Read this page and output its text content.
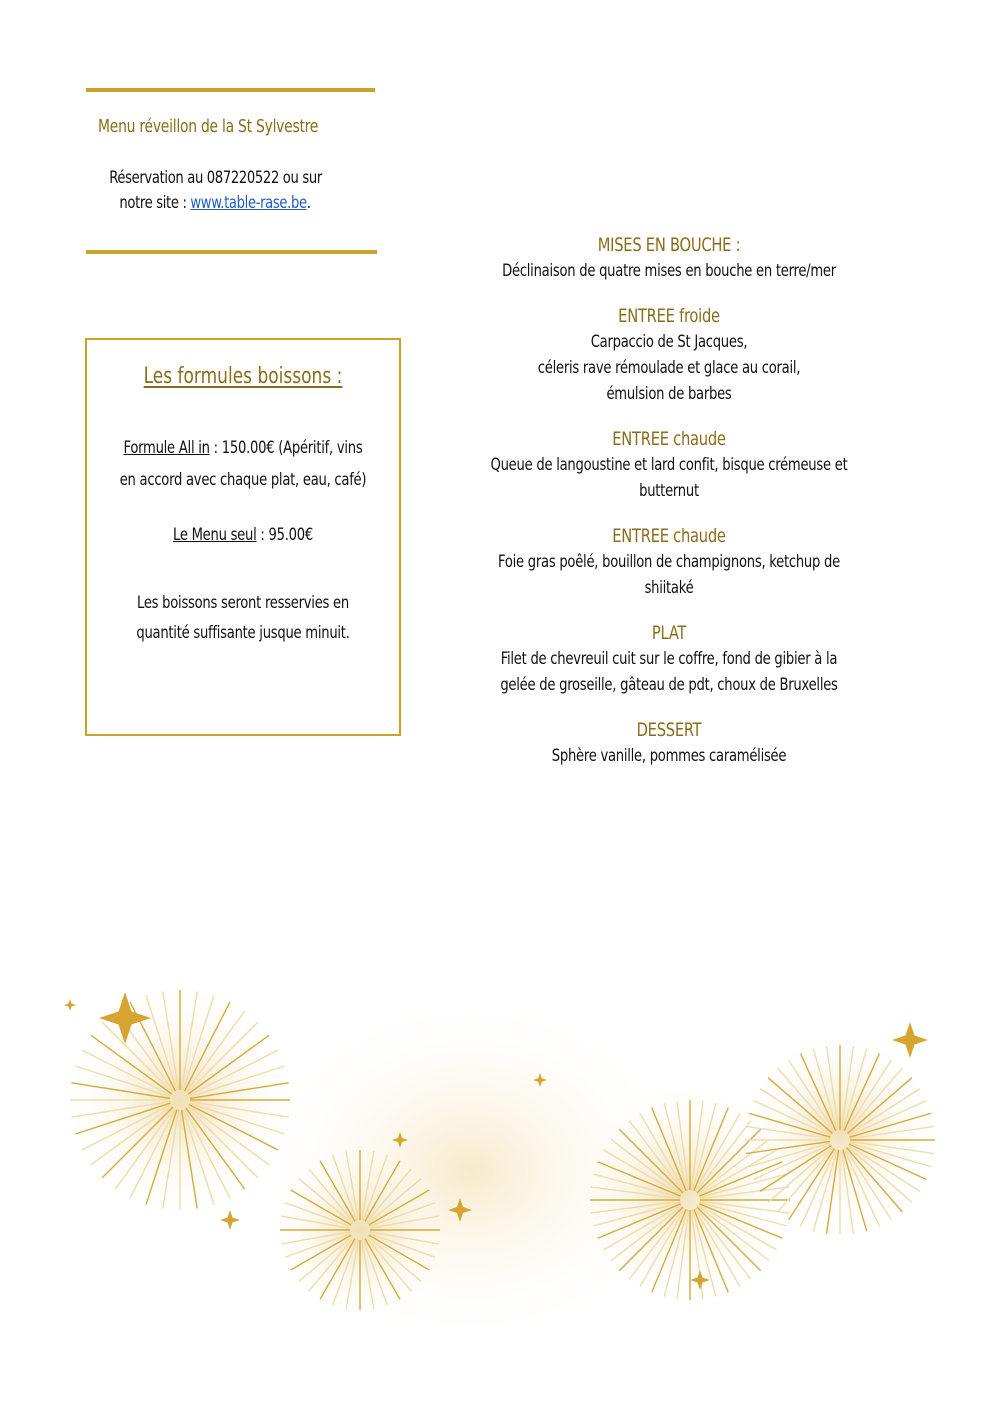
Menu réveillon de la St Sylvestre
Réservation au 087220522 ou sur
notre site : www.table-rase.be.
Les formules boissons :
Formule All in : 150.00€ (Apéritif, vins
en accord avec chaque plat, eau, café)
Le Menu seul : 95.00€
Les boissons seront resservies en
quantité suffisante jusque minuit.
MISES EN BOUCHE :
Déclinaison de quatre mises en bouche en terre/mer
ENTREE froide
Carpaccio de St Jacques,
céleris rave rémoulade et glace au corail,
émulsion de barbes
ENTREE chaude
Queue de langoustine et lard confit, bisque crémeuse et
butternut
ENTREE chaude
Foie gras poêlé, bouillon de champignons, ketchup de
shiitaké
PLAT
Filet de chevreuil cuit sur le coffre, fond de gibier à la
gelée de groseille, gâteau de pdt, choux de Bruxelles
DESSERT
Sphère vanille, pommes caramélisée
